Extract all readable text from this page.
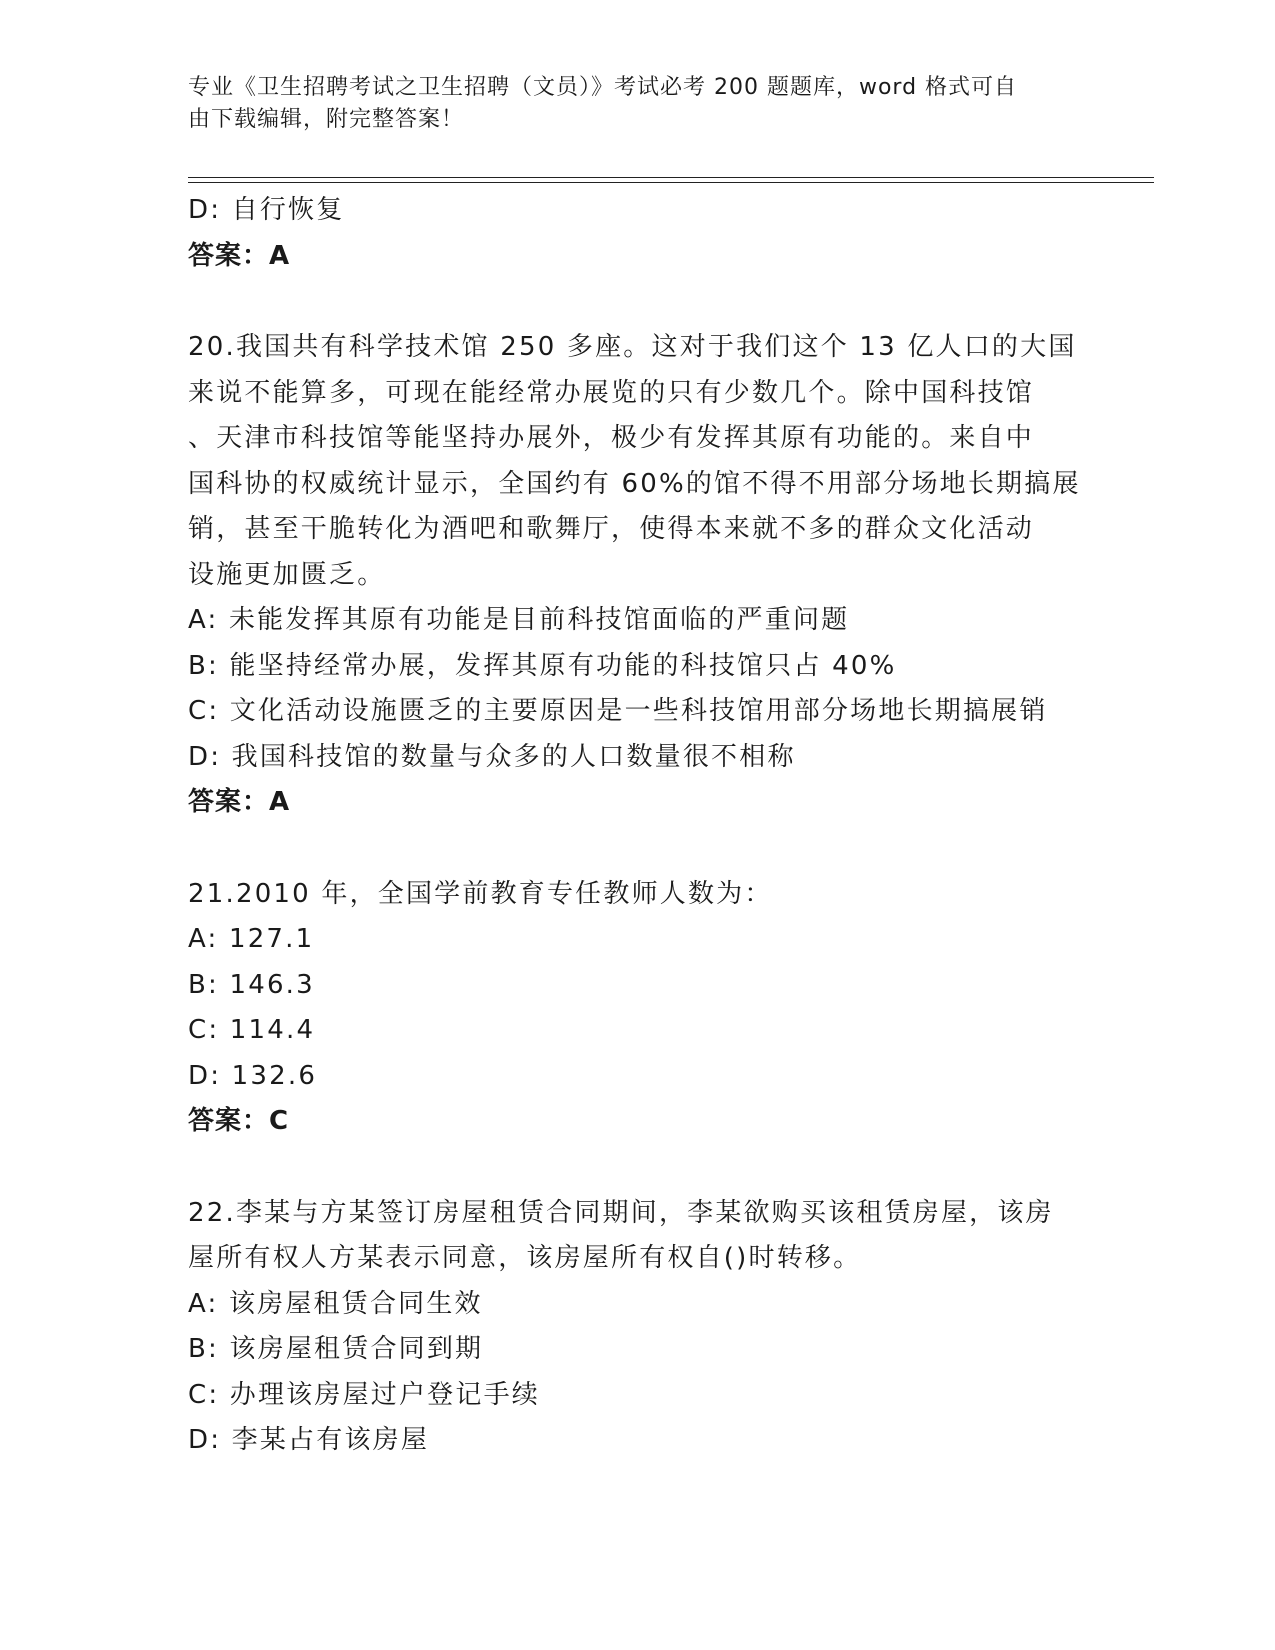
专业《卫生招聘考试之卫生招聘（文员）》考试必考 200 题题库，word 格式可自
由下载编辑，附完整答案！
D: 自行恢复
答案：A
20.我国共有科学技术馆 250 多座。这对于我们这个 13 亿人口的大国
来说不能算多，可现在能经常办展览的只有少数几个。除中国科技馆
、天津市科技馆等能坚持办展外，极少有发挥其原有功能的。来自中
国科协的权威统计显示，全国约有 60%的馆不得不用部分场地长期搞展
销，甚至干脆转化为酒吧和歌舞厅，使得本来就不多的群众文化活动
设施更加匮乏。
A: 未能发挥其原有功能是目前科技馆面临的严重问题
B: 能坚持经常办展，发挥其原有功能的科技馆只占 40%
C: 文化活动设施匮乏的主要原因是一些科技馆用部分场地长期搞展销
D: 我国科技馆的数量与众多的人口数量很不相称
答案：A
21.2010 年，全国学前教育专任教师人数为：
A: 127.1
B: 146.3
C: 114.4
D: 132.6
答案：C
22.李某与方某签订房屋租赁合同期间，李某欲购买该租赁房屋，该房
屋所有权人方某表示同意，该房屋所有权自()时转移。
A: 该房屋租赁合同生效
B: 该房屋租赁合同到期
C: 办理该房屋过户登记手续
D: 李某占有该房屋
